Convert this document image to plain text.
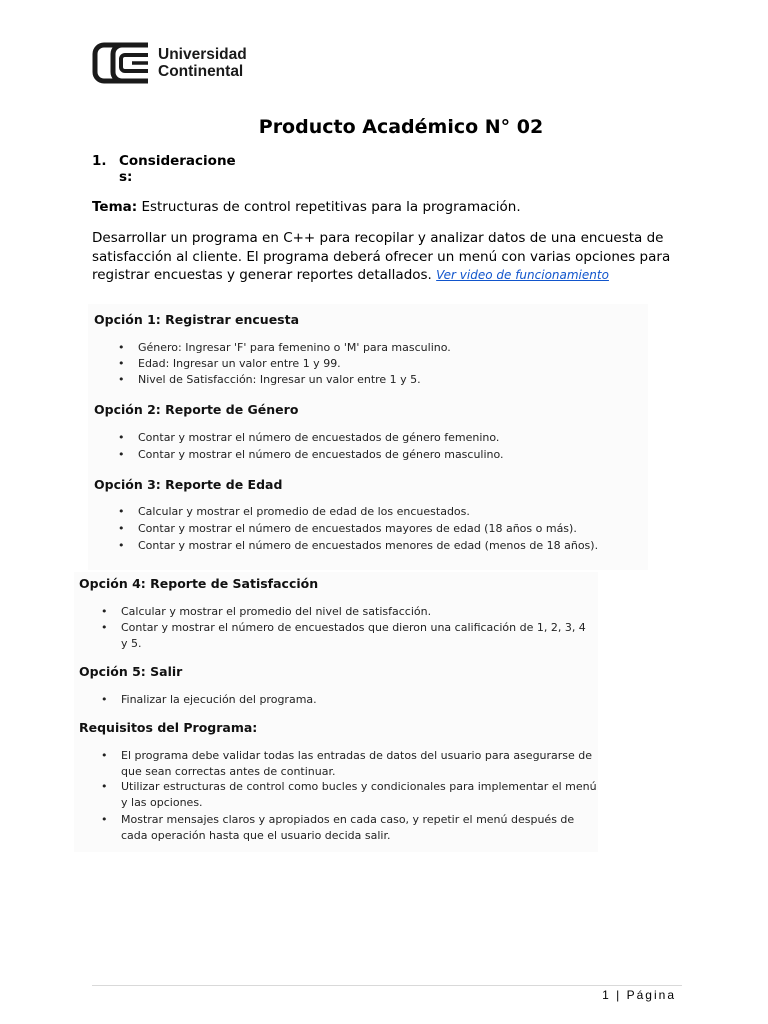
Universidad
Continental
Producto Académico N° 02
1. Consideraciones:
Tema: Estructuras de control repetitivas para la programación.
Desarrollar un programa en C++ para recopilar y analizar datos de una encuesta de satisfacción al cliente. El programa deberá ofrecer un menú con varias opciones para registrar encuestas y generar reportes detallados. Ver video de funcionamiento
Opción 1: Registrar encuesta
• Género: Ingresar 'F' para femenino o 'M' para masculino.
• Edad: Ingresar un valor entre 1 y 99.
• Nivel de Satisfacción: Ingresar un valor entre 1 y 5.
Opción 2: Reporte de Género
• Contar y mostrar el número de encuestados de género femenino.
• Contar y mostrar el número de encuestados de género masculino.
Opción 3: Reporte de Edad
• Calcular y mostrar el promedio de edad de los encuestados.
• Contar y mostrar el número de encuestados mayores de edad (18 años o más).
• Contar y mostrar el número de encuestados menores de edad (menos de 18 años).
Opción 4: Reporte de Satisfacción
• Calcular y mostrar el promedio del nivel de satisfacción.
• Contar y mostrar el número de encuestados que dieron una calificación de 1, 2, 3, 4
y 5.
Opción 5: Salir
• Finalizar la ejecución del programa.
Requisitos del Programa:
• El programa debe validar todas las entradas de datos del usuario para asegurarse de
que sean correctas antes de continuar.
• Utilizar estructuras de control como bucles y condicionales para implementar el menú
y las opciones.
• Mostrar mensajes claros y apropiados en cada caso, y repetir el menú después de
cada operación hasta que el usuario decida salir.
1 | Página
